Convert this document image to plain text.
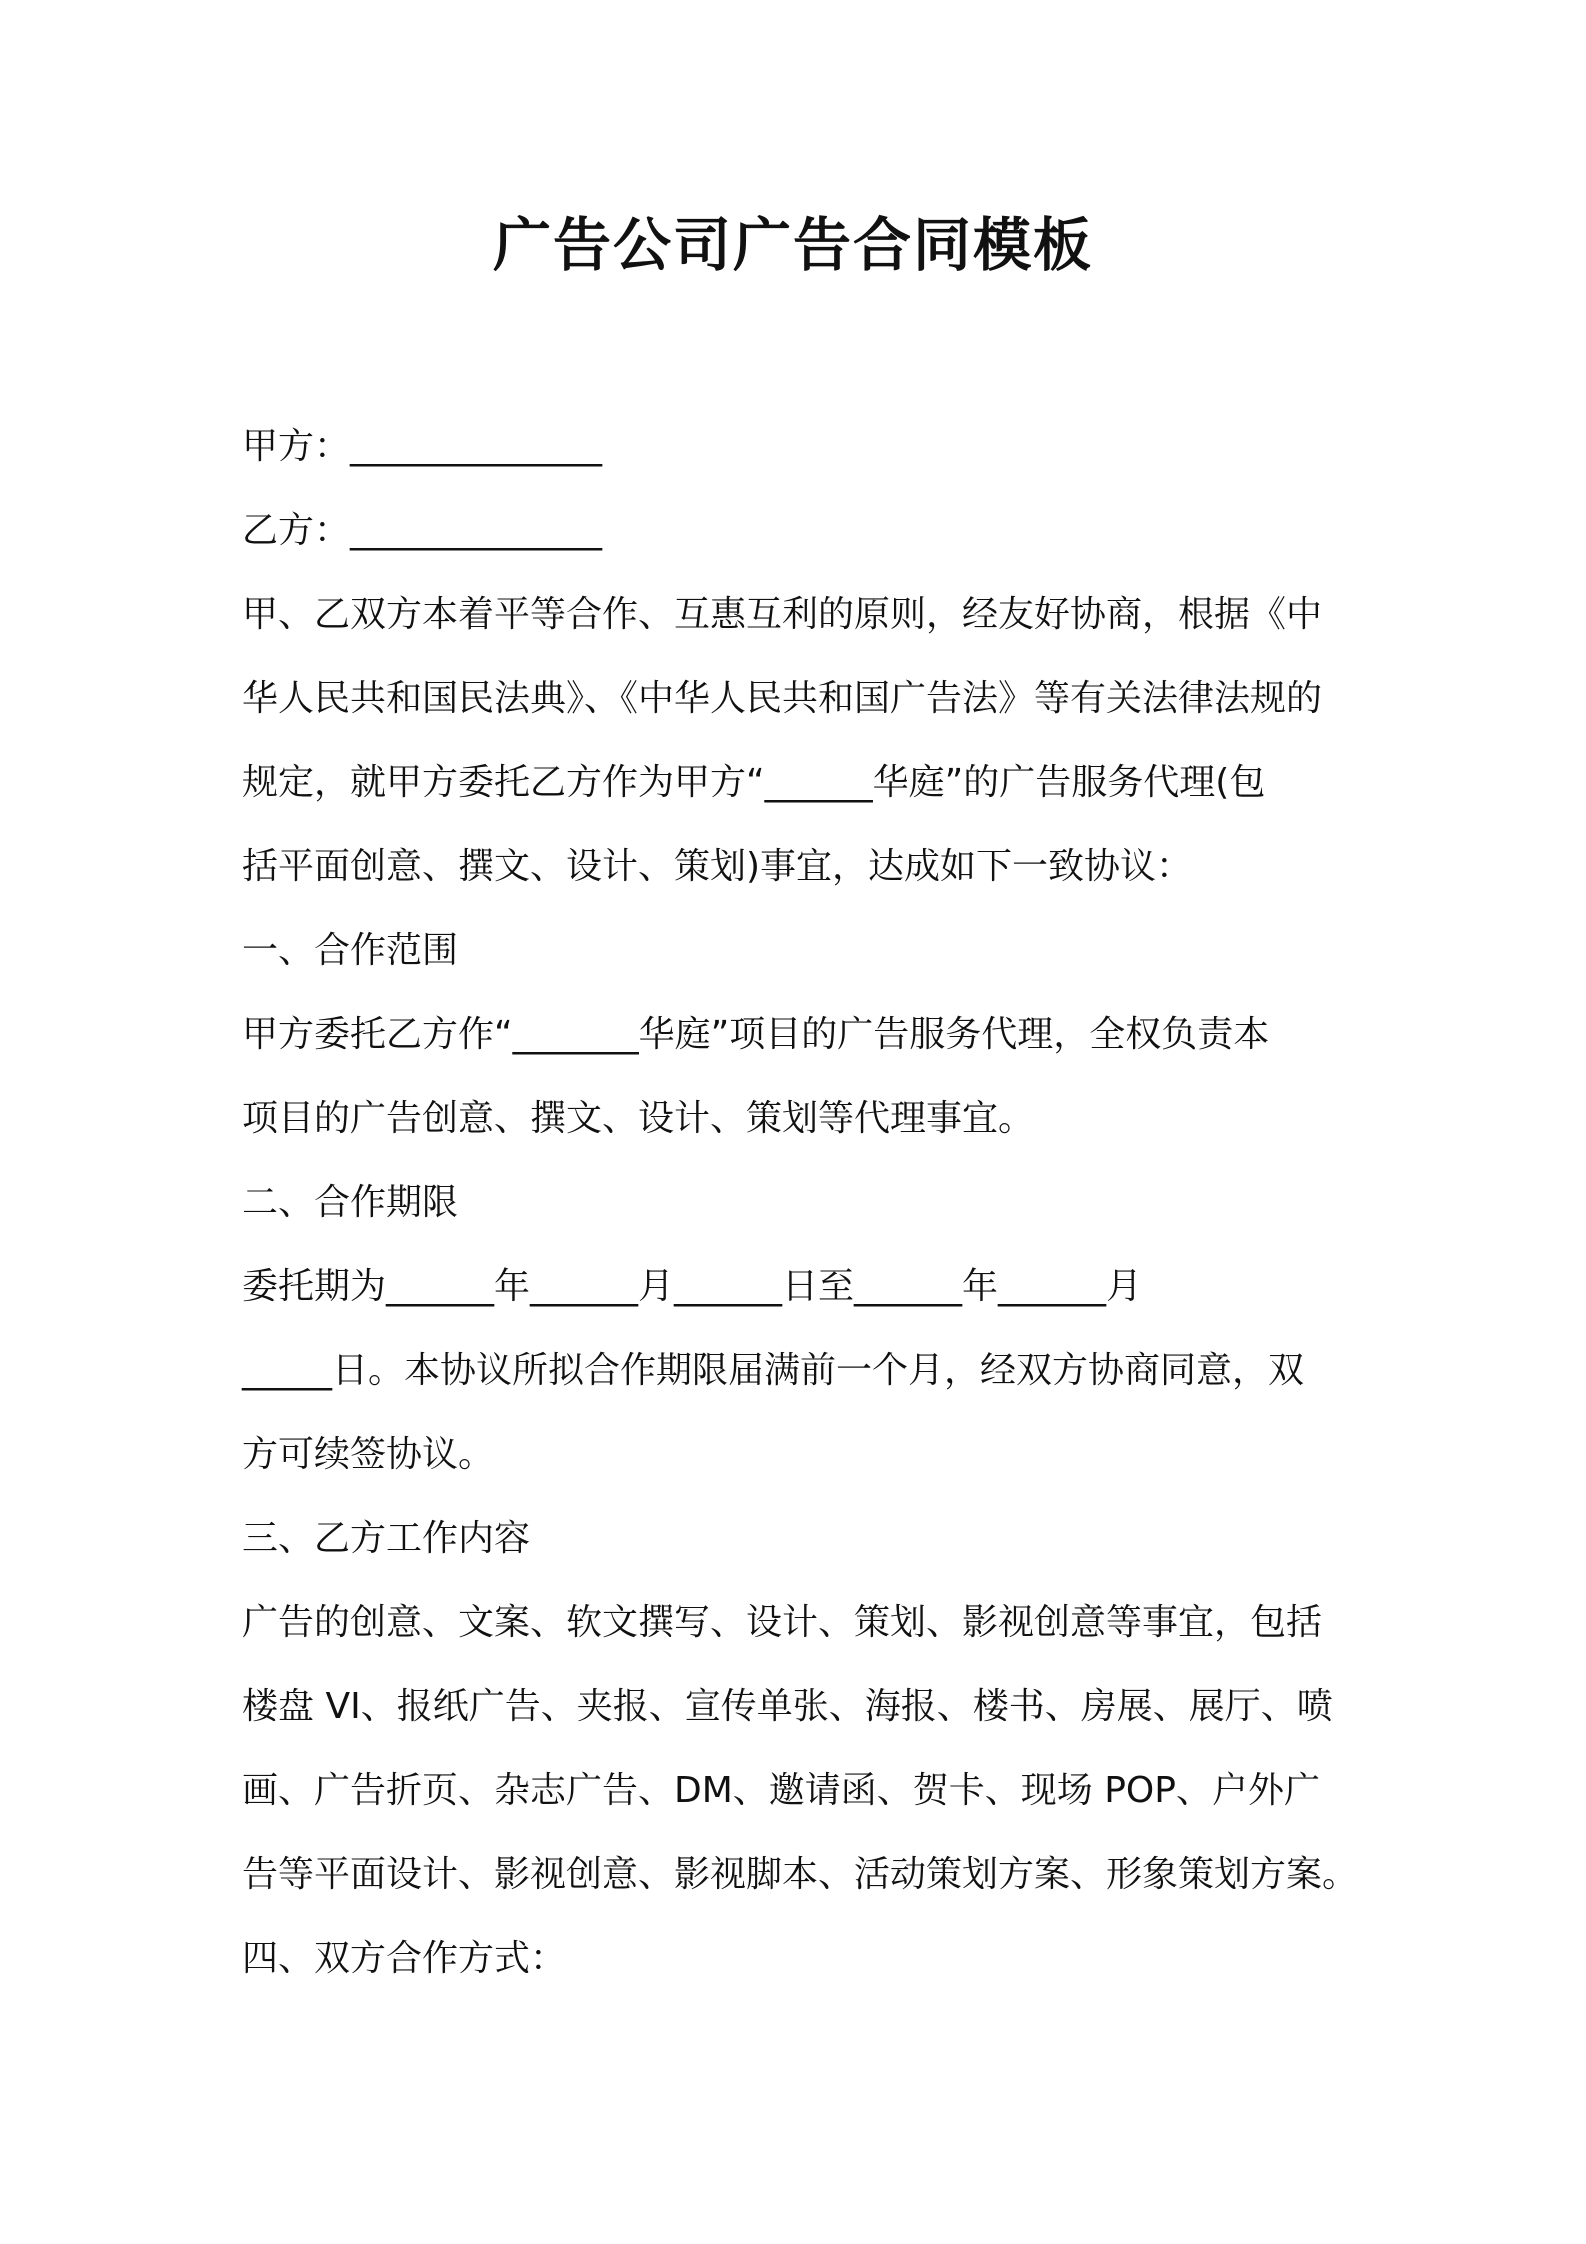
广告公司广告合同模板
甲方：______________
乙方：______________
甲、乙双方本着平等合作、互惠互利的原则，经友好协商，根据《中
华人民共和国民法典》、《中华人民共和国广告法》等有关法律法规的
规定，就甲方委托乙方作为甲方“______华庭”的广告服务代理(包
括平面创意、撰文、设计、策划)事宜，达成如下一致协议：
一、合作范围
甲方委托乙方作“_______华庭”项目的广告服务代理，全权负责本
项目的广告创意、撰文、设计、策划等代理事宜。
二、合作期限
委托期为______年______月______日至______年______月
_____日。本协议所拟合作期限届满前一个月，经双方协商同意，双
方可续签协议。
三、乙方工作内容
广告的创意、文案、软文撰写、设计、策划、影视创意等事宜，包括
楼盘 VI、报纸广告、夹报、宣传单张、海报、楼书、房展、展厅、喷
画、广告折页、杂志广告、DM、邀请函、贺卡、现场 POP、户外广
告等平面设计、影视创意、影视脚本、活动策划方案、形象策划方案。
四、双方合作方式：
